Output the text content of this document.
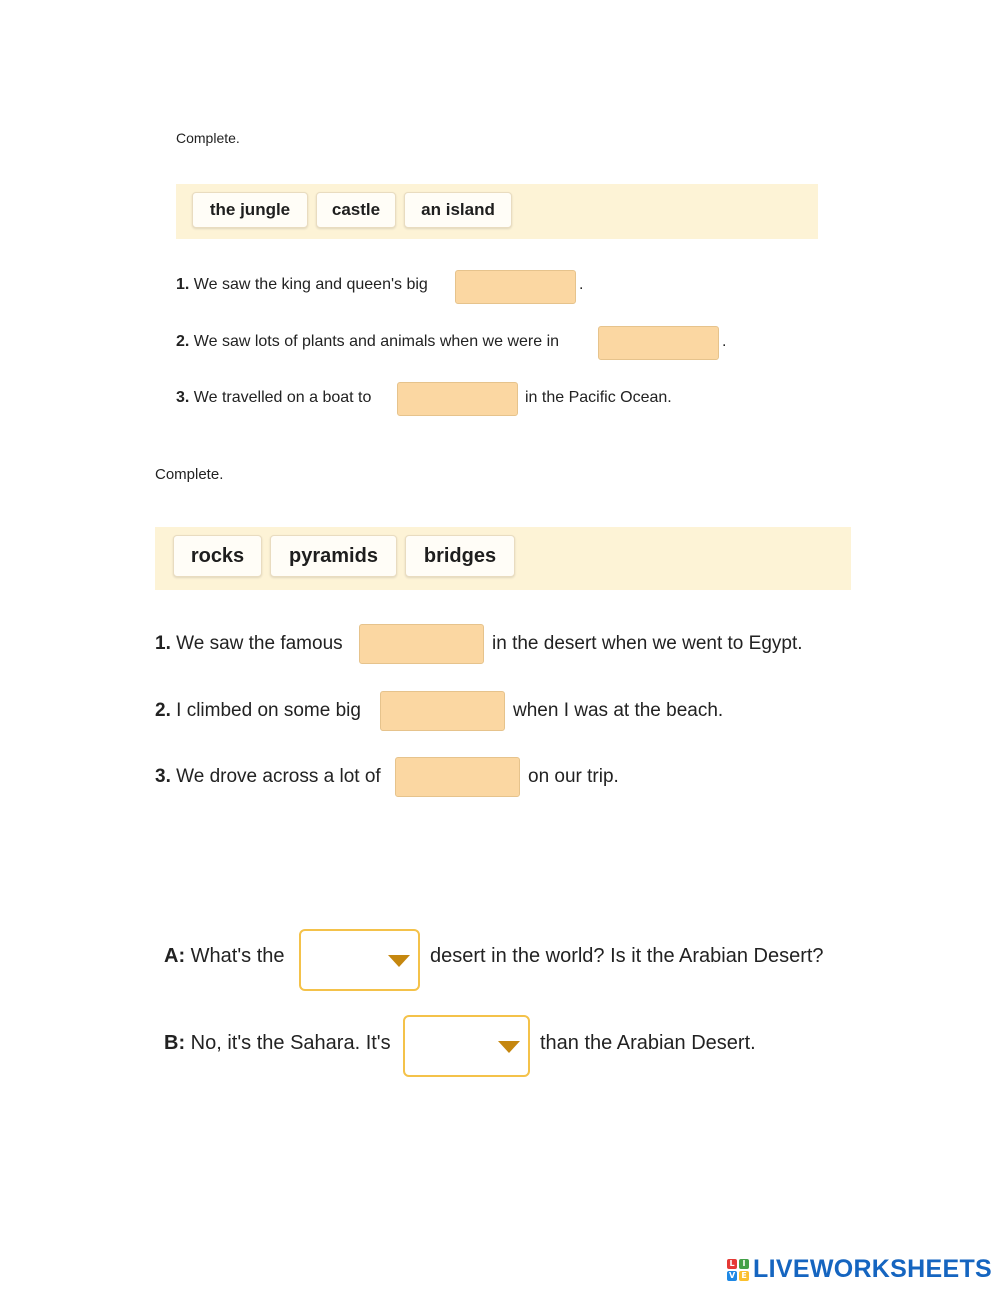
Complete.
the jungle	castle	an island
1. We saw the king and queen's big	.
2. We saw lots of plants and animals when we were in	.
3. We travelled on a boat to	in the Pacific Ocean.
Complete.
rocks	pyramids	bridges
1. We saw the famous	in the desert when we went to Egypt.
2. I climbed on some big	when I was at the beach.
3. We drove across a lot of	on our trip.
A: What's the	desert in the world? Is it the Arabian Desert?
B: No, it's the Sahara. It's	than the Arabian Desert.
L I
V E LIVEWORKSHEETS
